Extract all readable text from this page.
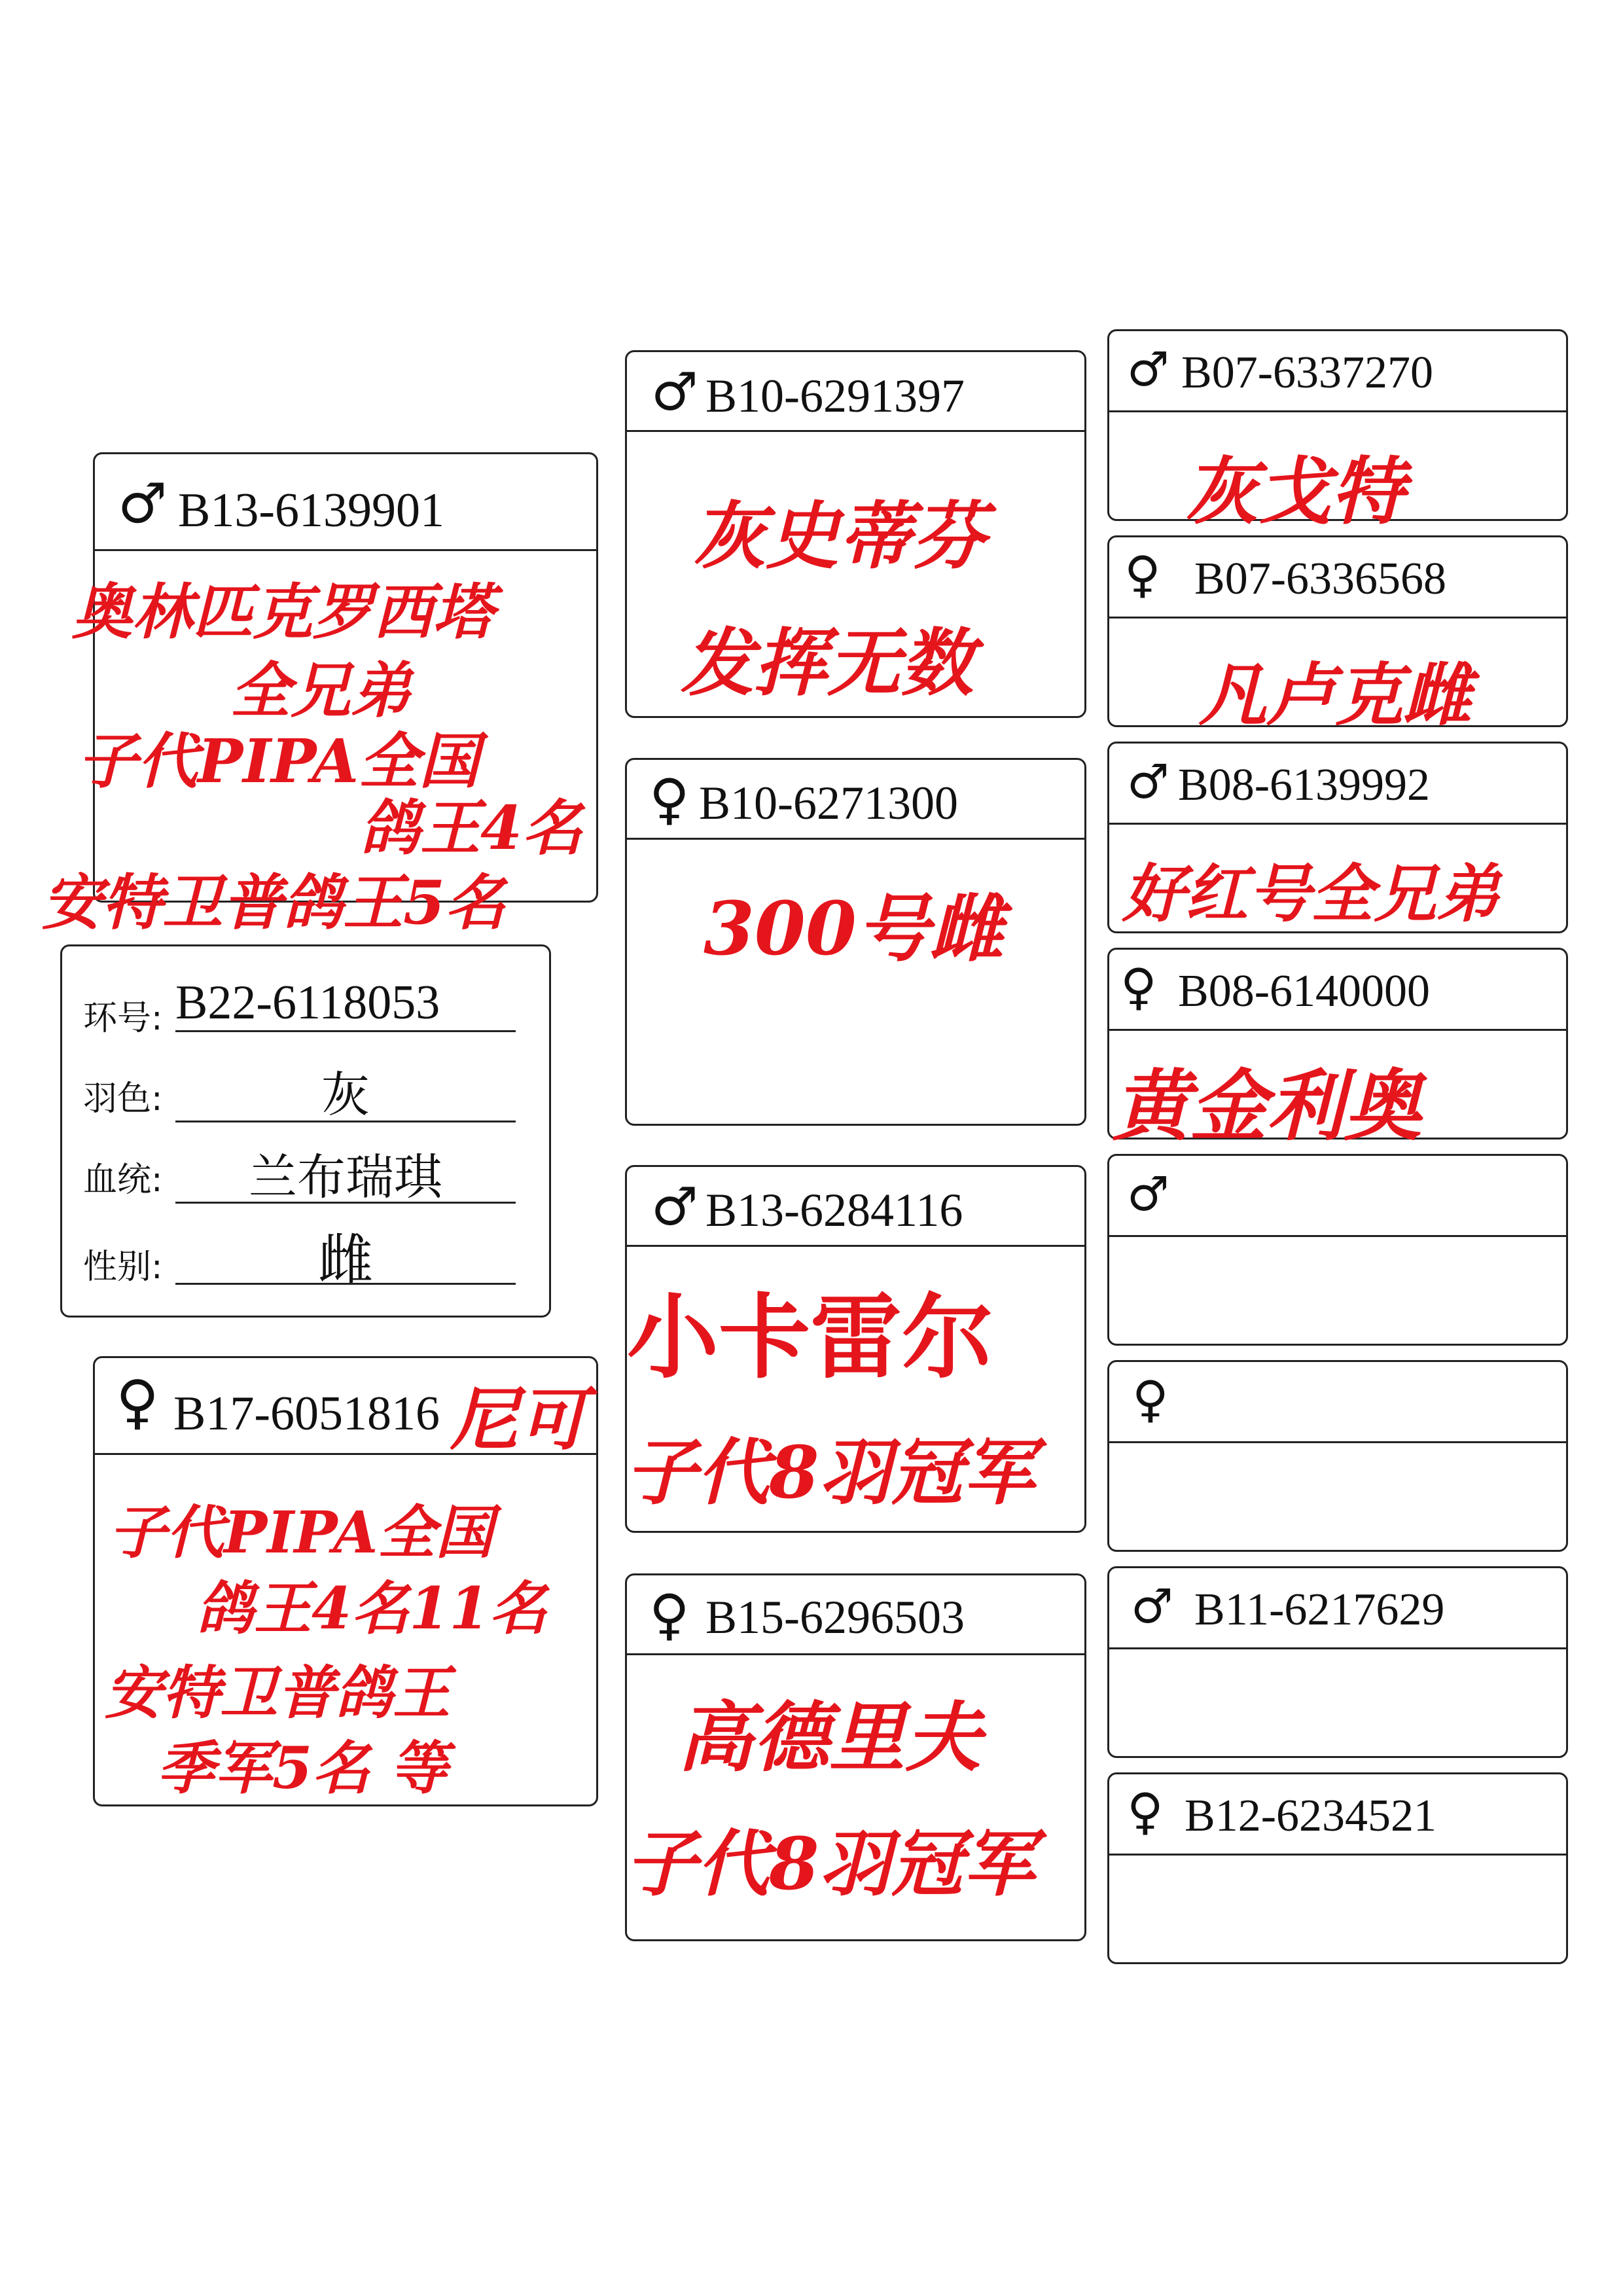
♂ B13-6139901
奥林匹克罗西塔
全兄弟
子代PIPA全国
鸽王4名
安特卫普鸽王5名
环号: B22-6118053
羽色:	灰
血统:	兰布瑞琪
性别:	雌
♀ B17-6051816 尼可
子代PIPA全国
鸽王4名11名
安特卫普鸽王
季军5名 等
♂ B10-6291397
灰史蒂芬
发挥无数
♀ B10-6271300
300号雌
♂ B13-6284116
小卡雷尔
子代8羽冠军
♀ B15-6296503
高德里夫
子代8羽冠军
♂ B07-6337270
灰戈特
♀ B07-6336568
凡卢克雌
♂ B08-6139992
好红号全兄弟
♀ B08-6140000
黄金利奥
♂
♀
♂ B11-6217629
♀ B12-6234521
